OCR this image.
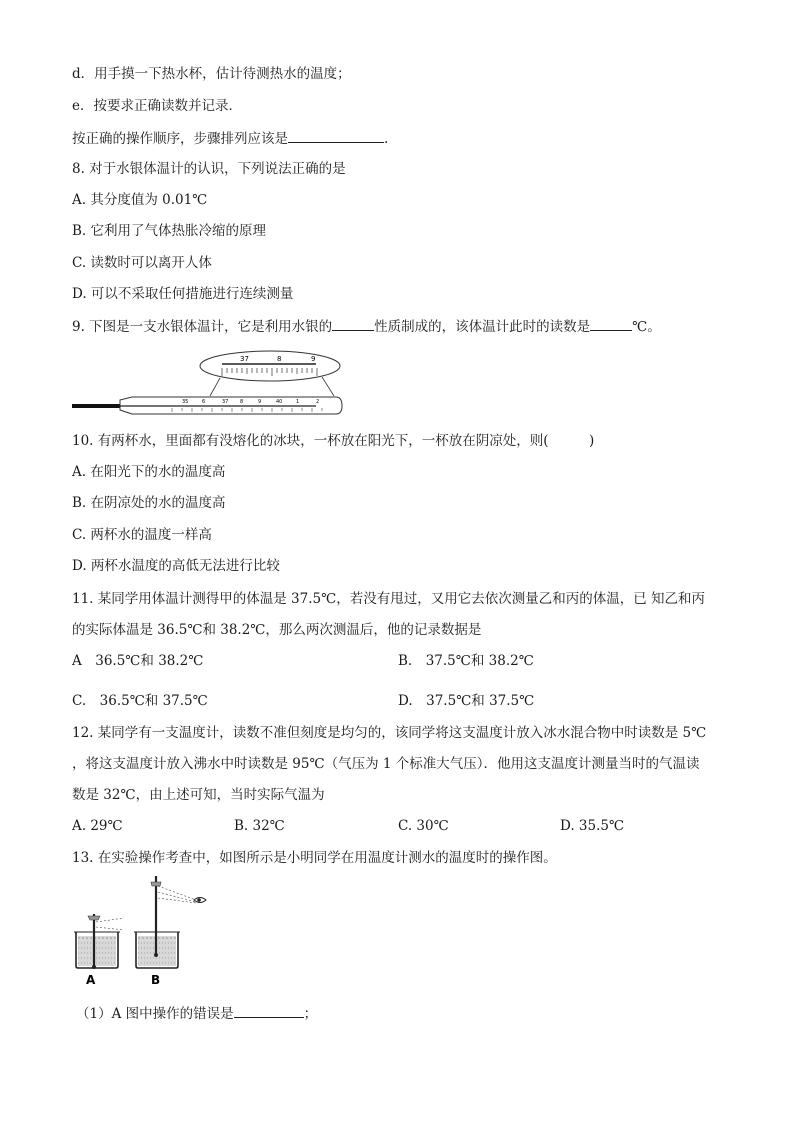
d．用手摸一下热水杯，估计待测热水的温度；
e．按要求正确读数并记录．
按正确的操作顺序，步骤排列应该是	.
8. 对于水银体温计的认识，下列说法正确的是
A. 其分度值为 0.01℃
B. 它利用了气体热胀冷缩的原理
C. 读数时可以离开人体
D. 可以不采取任何措施进行连续测量
9. 下图是一支水银体温计，它是利用水银的	性质制成的，该体温计此时的读数是	℃。
37	8	9
35	6	37 8	9	40	1	2
10. 有两杯水，里面都有没熔化的冰块，一杯放在阳光下，一杯放在阴凉处，则(　　　)
A. 在阳光下的水的温度高
B. 在阴凉处的水的温度高
C. 两杯水的温度一样高
D. 两杯水温度的高低无法进行比较
11. 某同学用体温计测得甲的体温是 37.5℃，若没有甩过，又用它去依次测量乙和丙的体温，已 知乙和丙
的实际体温是 36.5℃和 38.2℃，那么两次测温后，他的记录数据是
A　36.5℃和 38.2℃	B.　37.5℃和 38.2℃
C.　36.5℃和 37.5℃	D.　37.5℃和 37.5℃
12. 某同学有一支温度计，读数不准但刻度是均匀的，该同学将这支温度计放入冰水混合物中时读数是 5℃
，将这支温度计放入沸水中时读数是 95℃（气压为 1 个标准大气压）．他用这支温度计测量当时的气温读
数是 32℃，由上述可知，当时实际气温为
A. 29℃	B. 32℃	C. 30℃	D. 35.5℃
13. 在实验操作考查中，如图所示是小明同学在用温度计测水的温度时的操作图。
A	B
（1）A 图中操作的错误是	；
